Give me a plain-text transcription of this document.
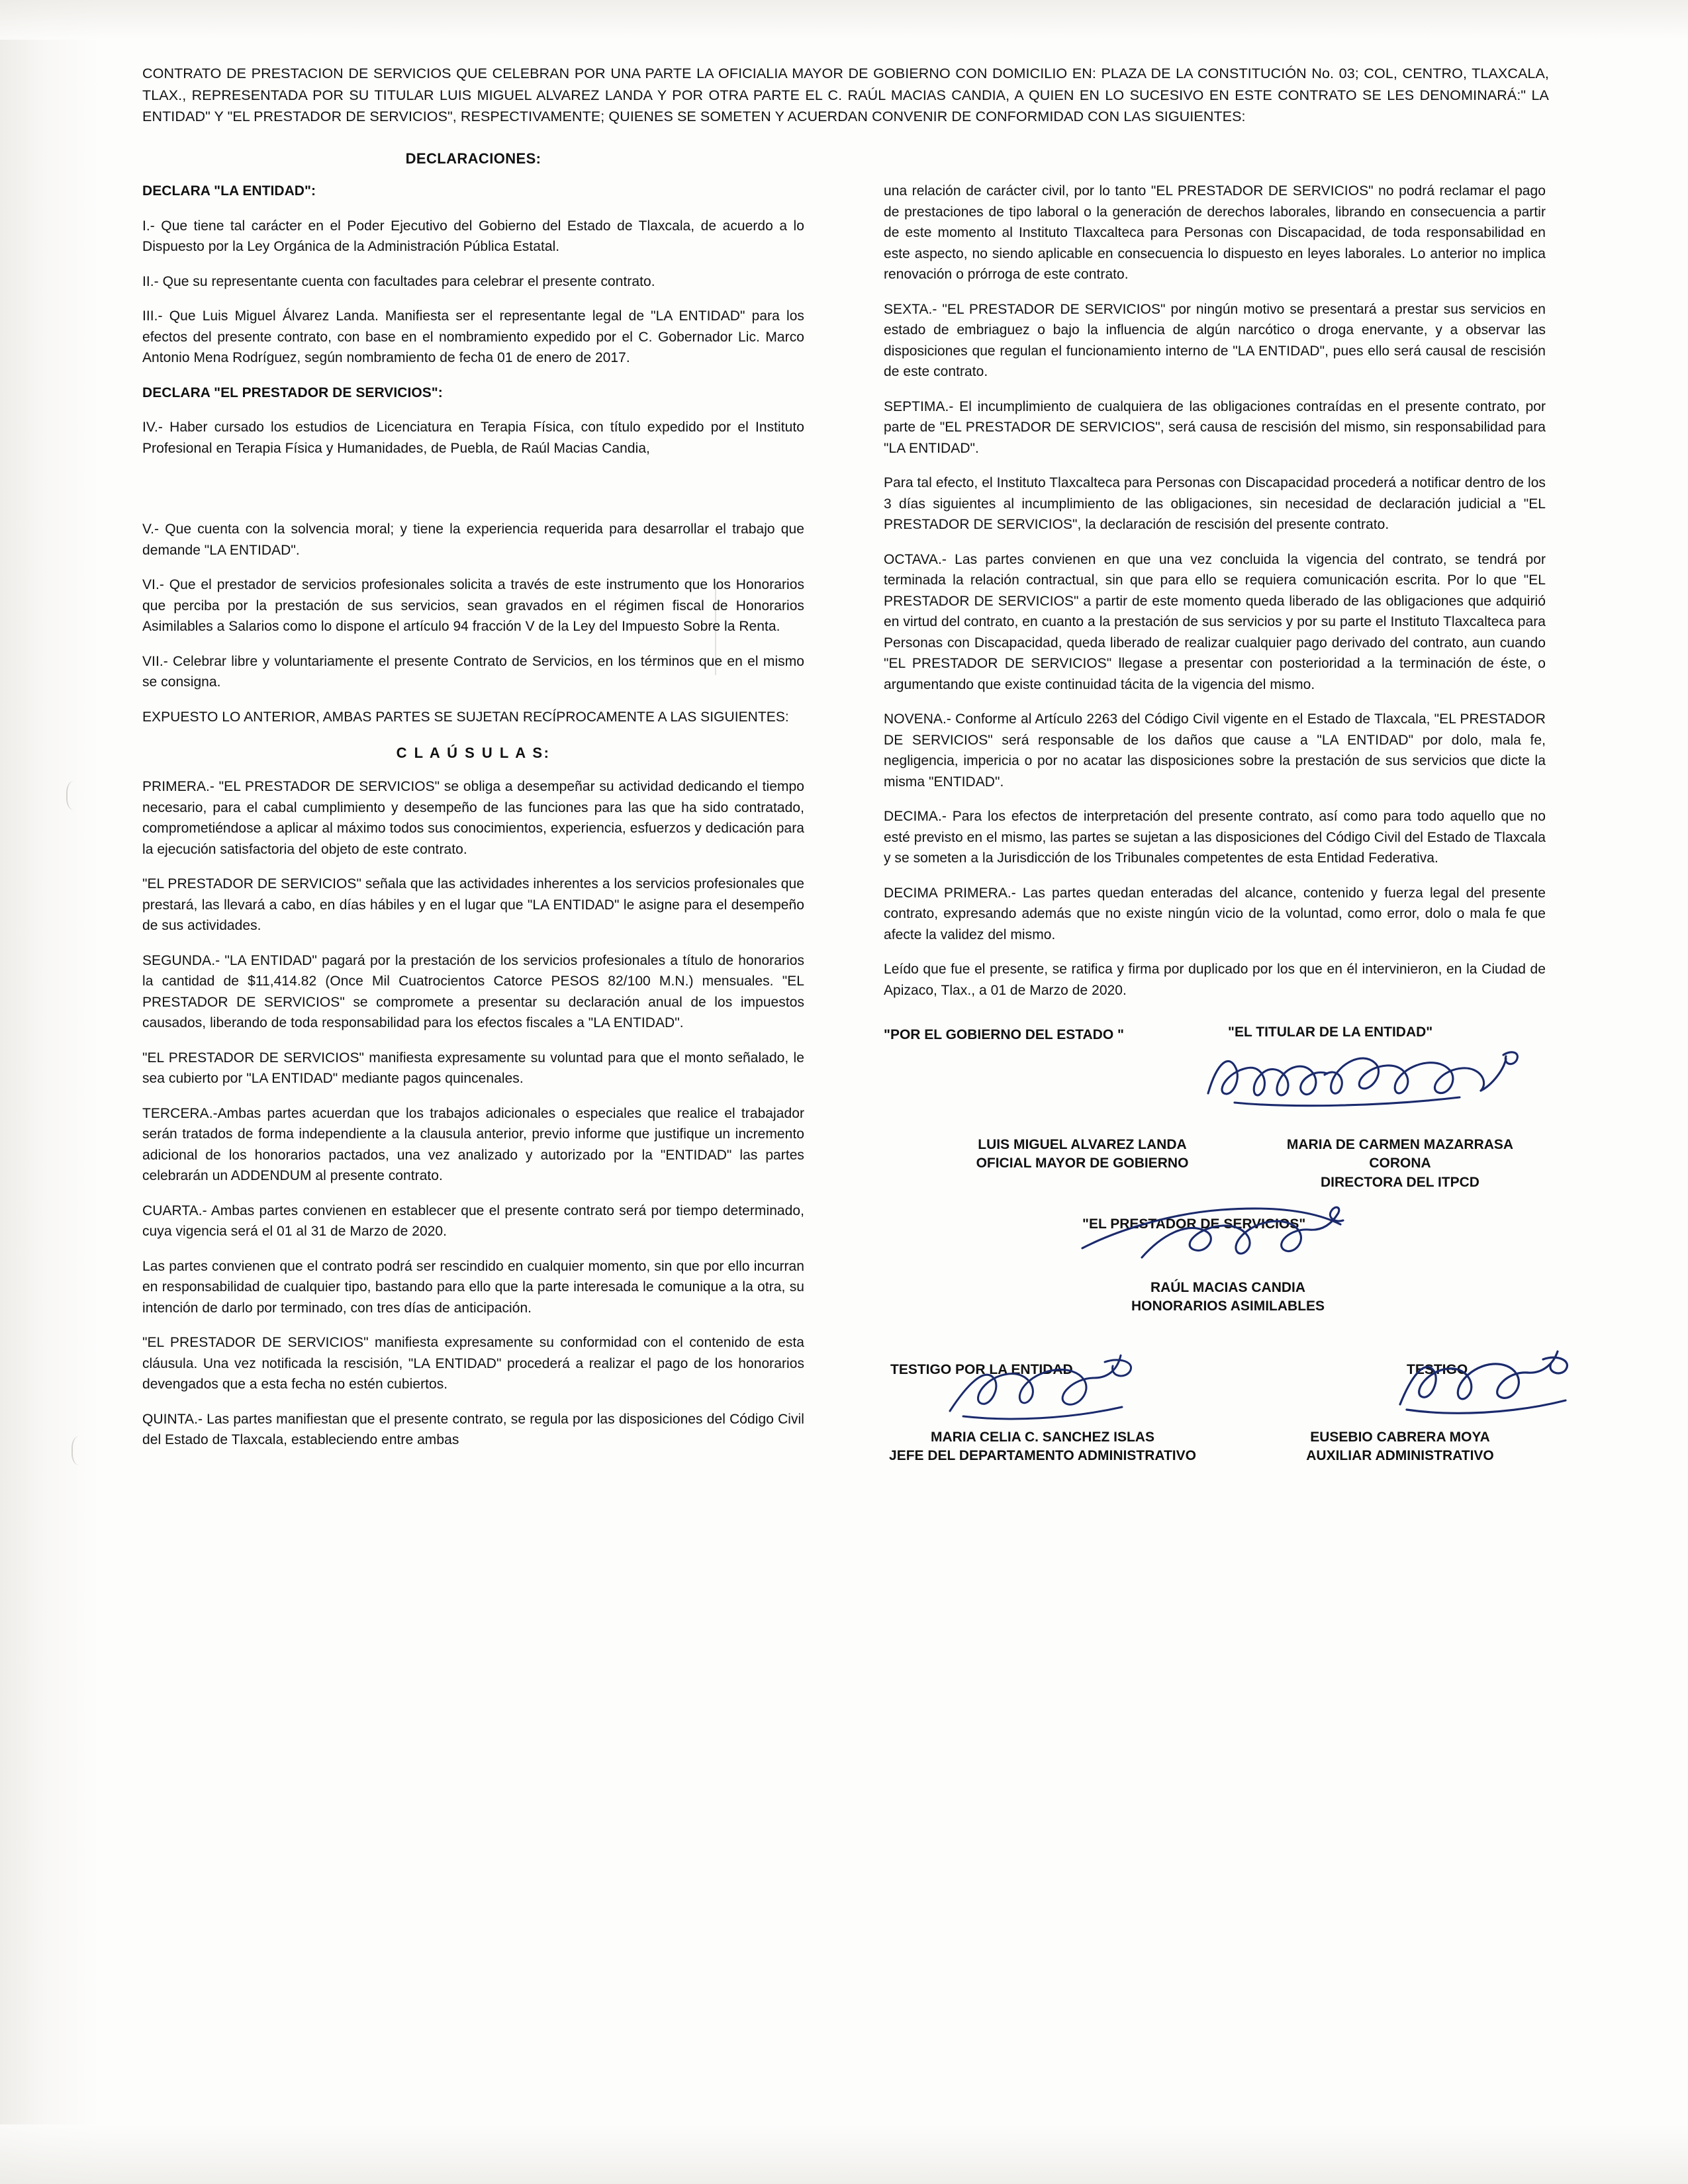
CONTRATO DE PRESTACION DE SERVICIOS QUE CELEBRAN POR UNA PARTE LA OFICIALIA MAYOR DE GOBIERNO CON DOMICILIO EN: PLAZA DE LA CONSTITUCIÓN No. 03; COL, CENTRO, TLAXCALA, TLAX., REPRESENTADA POR SU TITULAR LUIS MIGUEL ALVAREZ LANDA Y POR OTRA PARTE EL C. RAÚL MACIAS CANDIA, A QUIEN EN LO SUCESIVO EN ESTE CONTRATO SE LES DENOMINARÁ:" LA ENTIDAD" Y "EL PRESTADOR DE SERVICIOS", RESPECTIVAMENTE; QUIENES SE SOMETEN Y ACUERDAN CONVENIR DE CONFORMIDAD CON LAS SIGUIENTES:
DECLARACIONES:

DECLARA "LA ENTIDAD":

I.- Que tiene tal carácter en el Poder Ejecutivo del Gobierno del Estado de Tlaxcala, de acuerdo a lo Dispuesto por la Ley Orgánica de la Administración Pública Estatal.

II.- Que su representante cuenta con facultades para celebrar el presente contrato.

III.- Que Luis Miguel Álvarez Landa. Manifiesta ser el representante legal de "LA ENTIDAD" para los efectos del presente contrato, con base en el nombramiento expedido por el C. Gobernador Lic. Marco Antonio Mena Rodríguez, según nombramiento de fecha 01 de enero de 2017.

DECLARA "EL PRESTADOR DE SERVICIOS":

IV.- Haber cursado los estudios de Licenciatura en Terapia Física, con título expedido por el Instituto Profesional en Terapia Física y Humanidades, de Puebla, de Raúl Macias Candia,

V.- Que cuenta con la solvencia moral; y tiene la experiencia requerida para desarrollar el trabajo que demande "LA ENTIDAD".

VI.- Que el prestador de servicios profesionales solicita a través de este instrumento que los Honorarios que perciba por la prestación de sus servicios, sean gravados en el régimen fiscal de Honorarios Asimilables a Salarios como lo dispone el artículo 94 fracción V de la Ley del Impuesto Sobre la Renta.

VII.- Celebrar libre y voluntariamente el presente Contrato de Servicios, en los términos que en el mismo se consigna.

EXPUESTO LO ANTERIOR, AMBAS PARTES SE SUJETAN RECÍPROCAMENTE A LAS SIGUIENTES:

C L A Ú S U L A S:

PRIMERA.- "EL PRESTADOR DE SERVICIOS" se obliga a desempeñar su actividad dedicando el tiempo necesario, para el cabal cumplimiento y desempeño de las funciones para las que ha sido contratado, comprometiéndose a aplicar al máximo todos sus conocimientos, experiencia, esfuerzos y dedicación para la ejecución satisfactoria del objeto de este contrato.

"EL PRESTADOR DE SERVICIOS" señala que las actividades inherentes a los servicios profesionales que prestará, las llevará a cabo, en días hábiles y en el lugar que "LA ENTIDAD" le asigne para el desempeño de sus actividades.

SEGUNDA.- "LA ENTIDAD" pagará por la prestación de los servicios profesionales a título de honorarios la cantidad de $11,414.82 (Once Mil Cuatrocientos Catorce PESOS 82/100 M.N.) mensuales. "EL PRESTADOR DE SERVICIOS" se compromete a presentar su declaración anual de los impuestos causados, liberando de toda responsabilidad para los efectos fiscales a "LA ENTIDAD".

"EL PRESTADOR DE SERVICIOS" manifiesta expresamente su voluntad para que el monto señalado, le sea cubierto por "LA ENTIDAD" mediante pagos quincenales.

TERCERA.-Ambas partes acuerdan que los trabajos adicionales o especiales que realice el trabajador serán tratados de forma independiente a la clausula anterior, previo informe que justifique un incremento adicional de los honorarios pactados, una vez analizado y autorizado por la "ENTIDAD" las partes celebrarán un ADDENDUM al presente contrato.

CUARTA.- Ambas partes convienen en establecer que el presente contrato será por tiempo determinado, cuya vigencia será el 01 al 31 de Marzo de 2020.

Las partes convienen que el contrato podrá ser rescindido en cualquier momento, sin que por ello incurran en responsabilidad de cualquier tipo, bastando para ello que la parte interesada le comunique a la otra, su intención de darlo por terminado, con tres días de anticipación.

"EL PRESTADOR DE SERVICIOS" manifiesta expresamente su conformidad con el contenido de esta cláusula. Una vez notificada la rescisión, "LA ENTIDAD" procederá a realizar el pago de los honorarios devengados que a esta fecha no estén cubiertos.

QUINTA.- Las partes manifiestan que el presente contrato, se regula por las disposiciones del Código Civil del Estado de Tlaxcala, estableciendo entre ambas

una relación de carácter civil, por lo tanto "EL PRESTADOR DE SERVICIOS" no podrá reclamar el pago de prestaciones de tipo laboral o la generación de derechos laborales, librando en consecuencia a partir de este momento al Instituto Tlaxcalteca para Personas con Discapacidad, de toda responsabilidad en este aspecto, no siendo aplicable en consecuencia lo dispuesto en leyes laborales. Lo anterior no implica renovación o prórroga de este contrato.

SEXTA.- "EL PRESTADOR DE SERVICIOS" por ningún motivo se presentará a prestar sus servicios en estado de embriaguez o bajo la influencia de algún narcótico o droga enervante, y a observar las disposiciones que regulan el funcionamiento interno de "LA ENTIDAD", pues ello será causal de rescisión de este contrato.

SEPTIMA.- El incumplimiento de cualquiera de las obligaciones contraídas en el presente contrato, por parte de "EL PRESTADOR DE SERVICIOS", será causa de rescisión del mismo, sin responsabilidad para "LA ENTIDAD".

Para tal efecto, el Instituto Tlaxcalteca para Personas con Discapacidad procederá a notificar dentro de los 3 días siguientes al incumplimiento de las obligaciones, sin necesidad de declaración judicial a "EL PRESTADOR DE SERVICIOS", la declaración de rescisión del presente contrato.

OCTAVA.- Las partes convienen en que una vez concluida la vigencia del contrato, se tendrá por terminada la relación contractual, sin que para ello se requiera comunicación escrita. Por lo que "EL PRESTADOR DE SERVICIOS" a partir de este momento queda liberado de las obligaciones que adquirió en virtud del contrato, en cuanto a la prestación de sus servicios y por su parte el Instituto Tlaxcalteca para Personas con Discapacidad, queda liberado de realizar cualquier pago derivado del contrato, aun cuando "EL PRESTADOR DE SERVICIOS" llegase a presentar con posterioridad a la terminación de éste, o argumentando que existe continuidad tácita de la vigencia del mismo.

NOVENA.- Conforme al Artículo 2263 del Código Civil vigente en el Estado de Tlaxcala, "EL PRESTADOR DE SERVICIOS" será responsable de los daños que cause a "LA ENTIDAD" por dolo, mala fe, negligencia, impericia o por no acatar las disposiciones sobre la prestación de sus servicios que dicte la misma "ENTIDAD".

DECIMA.- Para los efectos de interpretación del presente contrato, así como para todo aquello que no esté previsto en el mismo, las partes se sujetan a las disposiciones del Código Civil del Estado de Tlaxcala y se someten a la Jurisdicción de los Tribunales competentes de esta Entidad Federativa.

DECIMA PRIMERA.- Las partes quedan enteradas del alcance, contenido y fuerza legal del presente contrato, expresando además que no existe ningún vicio de la voluntad, como error, dolo o mala fe que afecte la validez del mismo.

Leído que fue el presente, se ratifica y firma por duplicado por los que en él intervinieron, en la Ciudad de Apizaco, Tlax., a 01 de Marzo de 2020.

"POR EL GOBIERNO DEL ESTADO "	"EL TITULAR DE LA ENTIDAD"
LUIS MIGUEL ALVAREZ LANDA
OFICIAL MAYOR DE GOBIERNO
MARIA DE CARMEN MAZARRASA CORONA
DIRECTORA DEL ITPCD
"EL PRESTADOR DE SERVICIOS"
RAÚL MACIAS CANDIA
HONORARIOS ASIMILABLES
TESTIGO POR LA ENTIDAD	TESTIGO
MARIA CELIA C. SANCHEZ ISLAS
JEFE DEL DEPARTAMENTO ADMINISTRATIVO
EUSEBIO CABRERA MOYA
AUXILIAR ADMINISTRATIVO
